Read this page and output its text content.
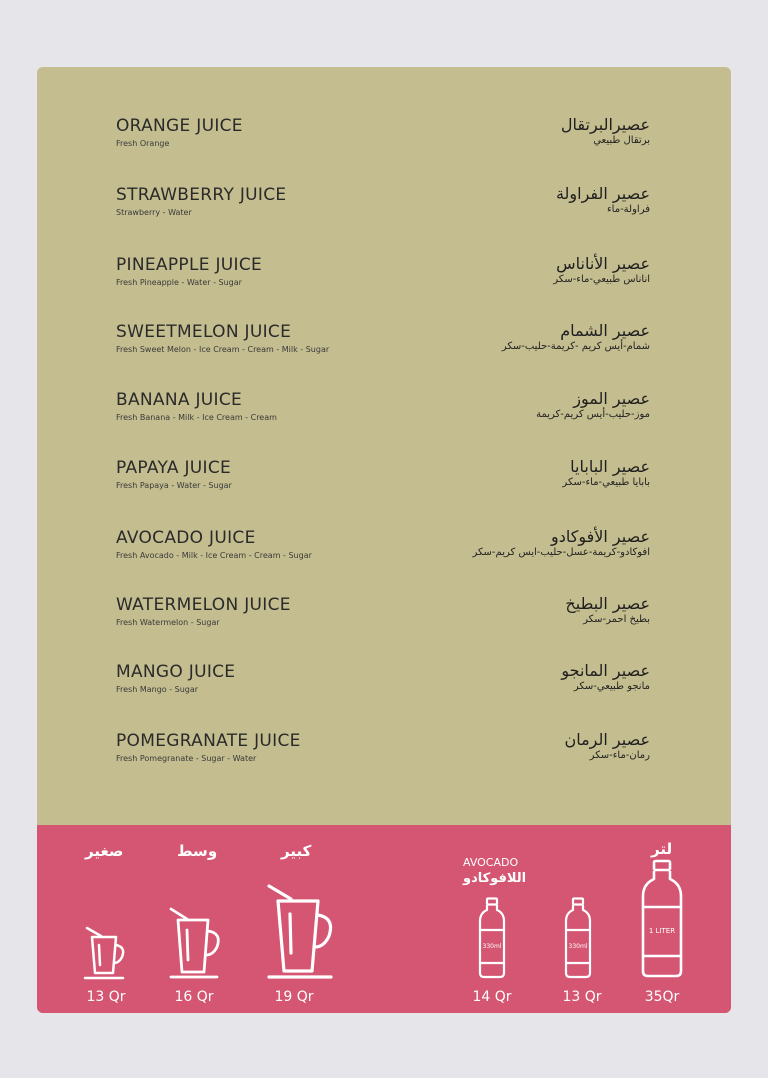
ORANGE JUICE
Fresh Orange
عصيرالبرتقال
برتقال طبيعي
STRAWBERRY JUICE
Strawberry - Water
عصير الفراولة
فراولة-ماء
PINEAPPLE JUICE
Fresh Pineapple - Water - Sugar
عصير الأناناس
اناناس طبيعي-ماء-سكر
SWEETMELON JUICE
Fresh Sweet Melon - Ice Cream - Cream - Milk - Sugar
عصير الشمام
شمام-أيس كريم -كريمة-حليب-سكر
BANANA JUICE
Fresh Banana - Milk - Ice Cream - Cream
عصير الموز
موز-حليب-أيس كريم-كريمة
PAPAYA JUICE
Fresh Papaya - Water - Sugar
عصير البابايا
بابايا طبيعي-ماء-سكر
AVOCADO JUICE
Fresh Avocado - Milk - Ice Cream - Cream - Sugar
عصير الأفوكادو
افوكادو-كريمة-عسل-حليب-ايس كريم-سكر
WATERMELON JUICE
Fresh Watermelon - Sugar
عصير البطيخ
بطيخ احمر-سكر
MANGO JUICE
Fresh Mango - Sugar
عصير المانجو
مانجو طبيعي-سكر
POMEGRANATE JUICE
Fresh Pomegranate - Sugar - Water
عصير الرمان
رمان-ماء-سكر
صغير	وسط	كبير
13 Qr	16 Qr	19 Qr
AVOCADO
اللافوكادو
لتر
330ml	330ml
1 LITER
14 Qr	13 Qr	35Qr
